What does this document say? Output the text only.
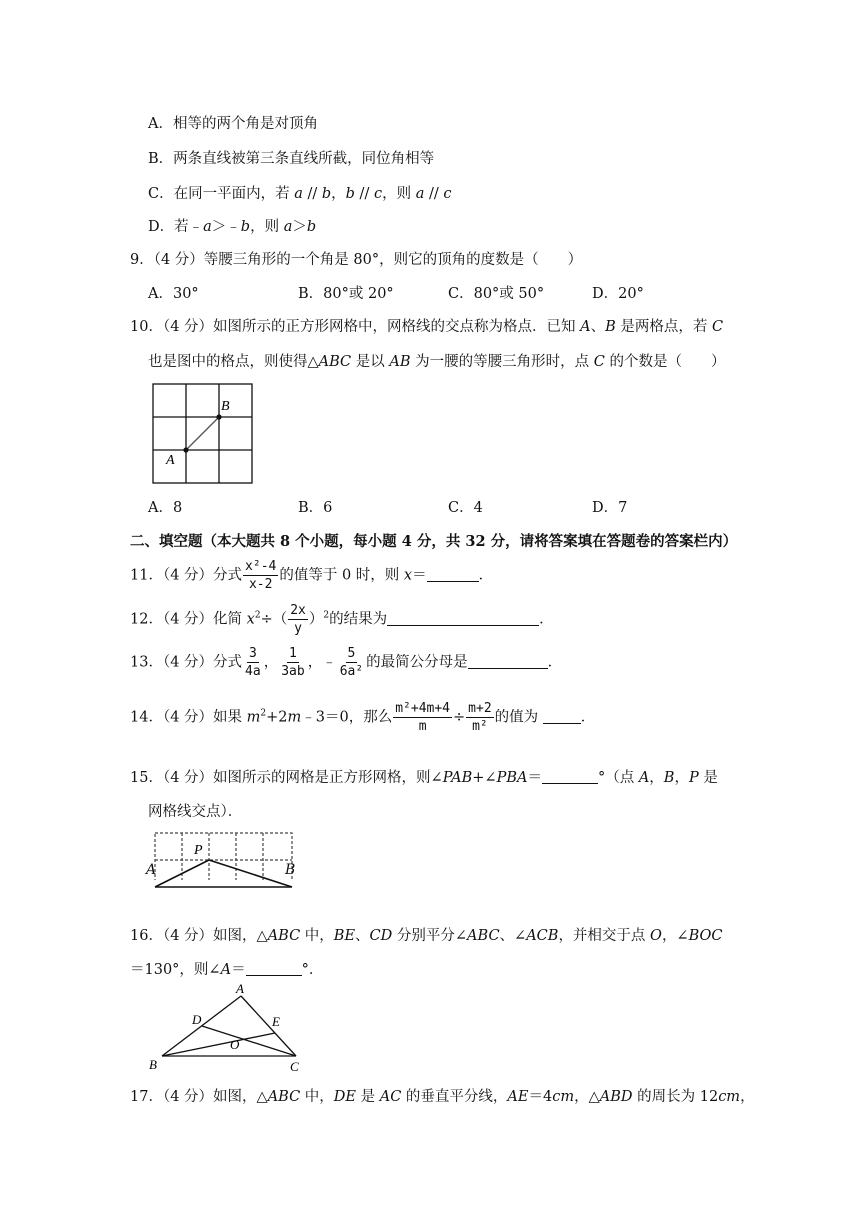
A．相等的两个角是对顶角
B．两条直线被第三条直线所截，同位角相等
C．在同一平面内，若 a // b，b // c，则 a // c
D．若﹣a＞﹣b，则 a＞b
9．（4 分）等腰三角形的一个角是 80°，则它的顶角的度数是（　　）
A．30°	B．80°或 20°	C．80°或 50°	D．20°
10．（4 分）如图所示的正方形网格中，网格线的交点称为格点．已知 A、B 是两格点，若 C
也是图中的格点，则使得△ABC 是以 AB 为一腰的等腰三角形时，点 C 的个数是（　　）
A
B
A．8	B．6	C．4	D．7
二、填空题（本大题共 8 个小题，每小题 4 分，共 32 分，请将答案填在答题卷的答案栏内）
11．（4 分）分式 $\frac{\text{x²-4}}{x-2}$ 的值等于 0 时，则 x＝	．
12．（4 分）化简 $x^2\div( \frac{2x}{y} )^2$的结果为	．
13．（4 分）分式 $\frac{3}{4a}$ ， $\frac{1}{3ab}$ ，﹣ $\frac{5}{\text{6a²}}$ 的最简公分母是	．
14．（4 分）如果 $m^2+2m﹣3=0$，那么 $\frac{\text{m²+4m+4}}{m} \div \frac{m+2}{\text{m²}}$ 的值为	．
15．（4 分）如图所示的网格是正方形网格，则∠PAB+∠PBA＝	°（点 A，B，P 是
网格线交点）．
P
A	B
16．（4 分）如图，△ABC 中，BE、CD 分别平分∠ABC、∠ACB，并相交于点 O，∠BOC
＝130°，则∠A＝	°．
A
D	E
O
B	C
17．（4 分）如图，△ABC 中，DE 是 AC 的垂直平分线，AE＝4cm，△ABD 的周长为 12cm，
